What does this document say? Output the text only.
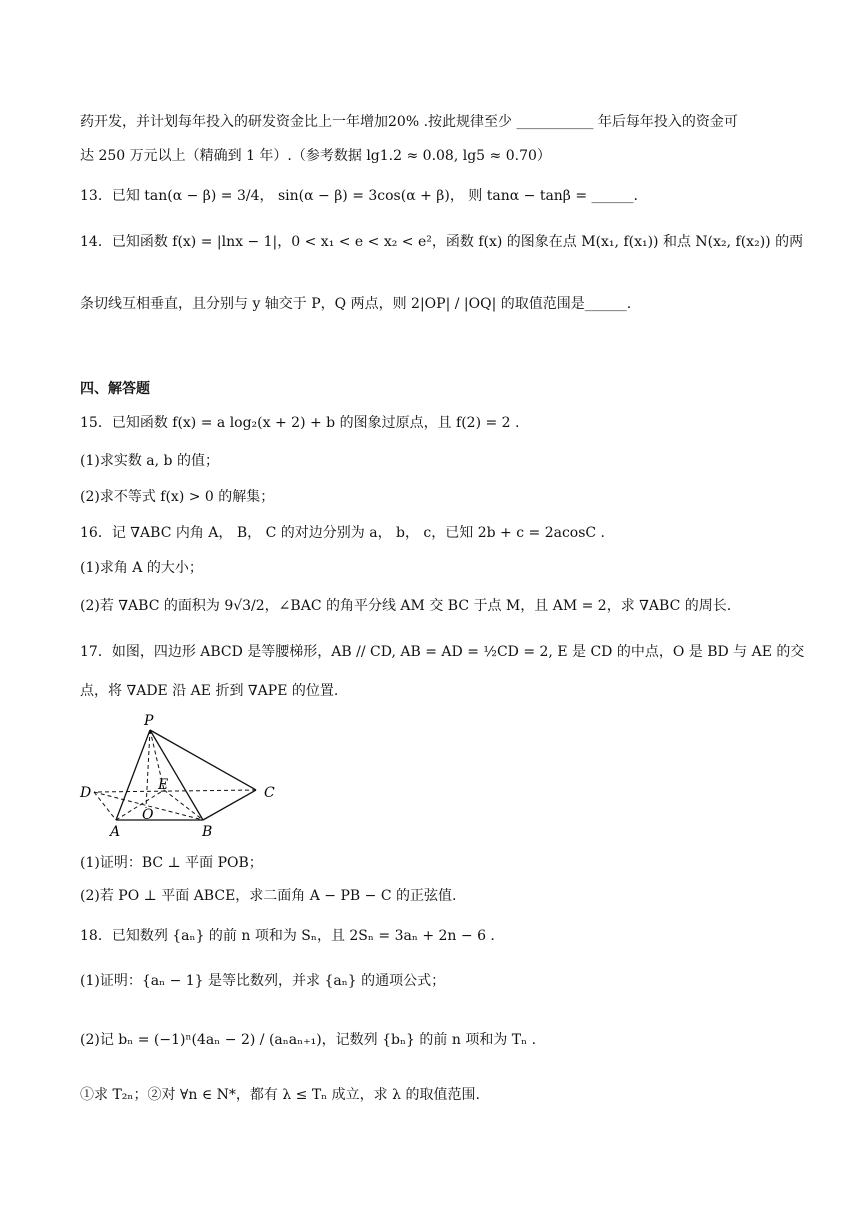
药开发，并计划每年投入的研发资金比上一年增加20% .按此规律至少 ___________ 年后每年投入的资金可
达 250 万元以上（精确到 1 年）.（参考数据 lg1.2 ≈ 0.08, lg5 ≈ 0.70）
13．已知 tan(α − β) = 3/4， sin(α − β) = 3cos(α + β)， 则 tanα − tanβ = ______.
14．已知函数 f(x) = |lnx − 1|，0 < x₁ < e < x₂ < e²，函数 f(x) 的图象在点 M(x₁, f(x₁)) 和点 N(x₂, f(x₂)) 的两
条切线互相垂直，且分别与 y 轴交于 P，Q 两点，则 2|OP| / |OQ| 的取值范围是______.
四、解答题
15．已知函数 f(x) = a log₂(x + 2) + b 的图象过原点，且 f(2) = 2 .
(1)求实数 a, b 的值；
(2)求不等式 f(x) > 0 的解集；
16．记 ∇ABC 内角 A， B， C 的对边分别为 a， b， c，已知 2b + c = 2acosC .
(1)求角 A 的大小；
(2)若 ∇ABC 的面积为 9√3/2，∠BAC 的角平分线 AM 交 BC 于点 M，且 AM = 2，求 ∇ABC 的周长.
17．如图，四边形 ABCD 是等腰梯形，AB // CD, AB = AD = ½CD = 2, E 是 CD 的中点，O 是 BD 与 AE 的交
点，将 ∇ADE 沿 AE 折到 ∇APE 的位置.
P
D	E	C
O
A	B
(1)证明：BC ⊥ 平面 POB；
(2)若 PO ⊥ 平面 ABCE，求二面角 A − PB − C 的正弦值.
18．已知数列 {aₙ} 的前 n 项和为 Sₙ，且 2Sₙ = 3aₙ + 2n − 6 .
(1)证明：{aₙ − 1} 是等比数列，并求 {aₙ} 的通项公式；
(2)记 bₙ = (−1)ⁿ(4aₙ − 2) / (aₙaₙ₊₁)，记数列 {bₙ} 的前 n 项和为 Tₙ .
①求 T₂ₙ；②对 ∀n ∈ N*，都有 λ ≤ Tₙ 成立，求 λ 的取值范围.
